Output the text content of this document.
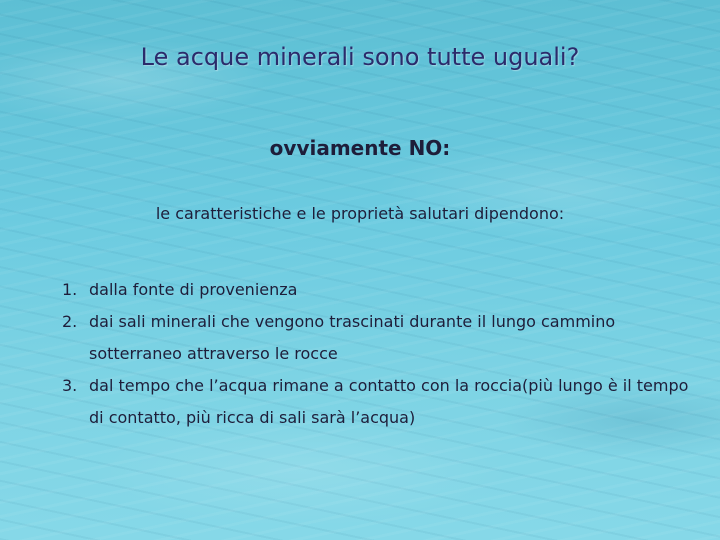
Le acque minerali sono tutte uguali?

ovviamente NO:

le caratteristiche e le proprietà salutari dipendono:

1. dalla fonte di provenienza
2. dai sali minerali che vengono trascinati durante il lungo cammino sotterraneo attraverso le rocce
3. dal tempo che l’acqua rimane a contatto con la roccia(più lungo è il tempo di contatto, più ricca di sali sarà l’acqua)
